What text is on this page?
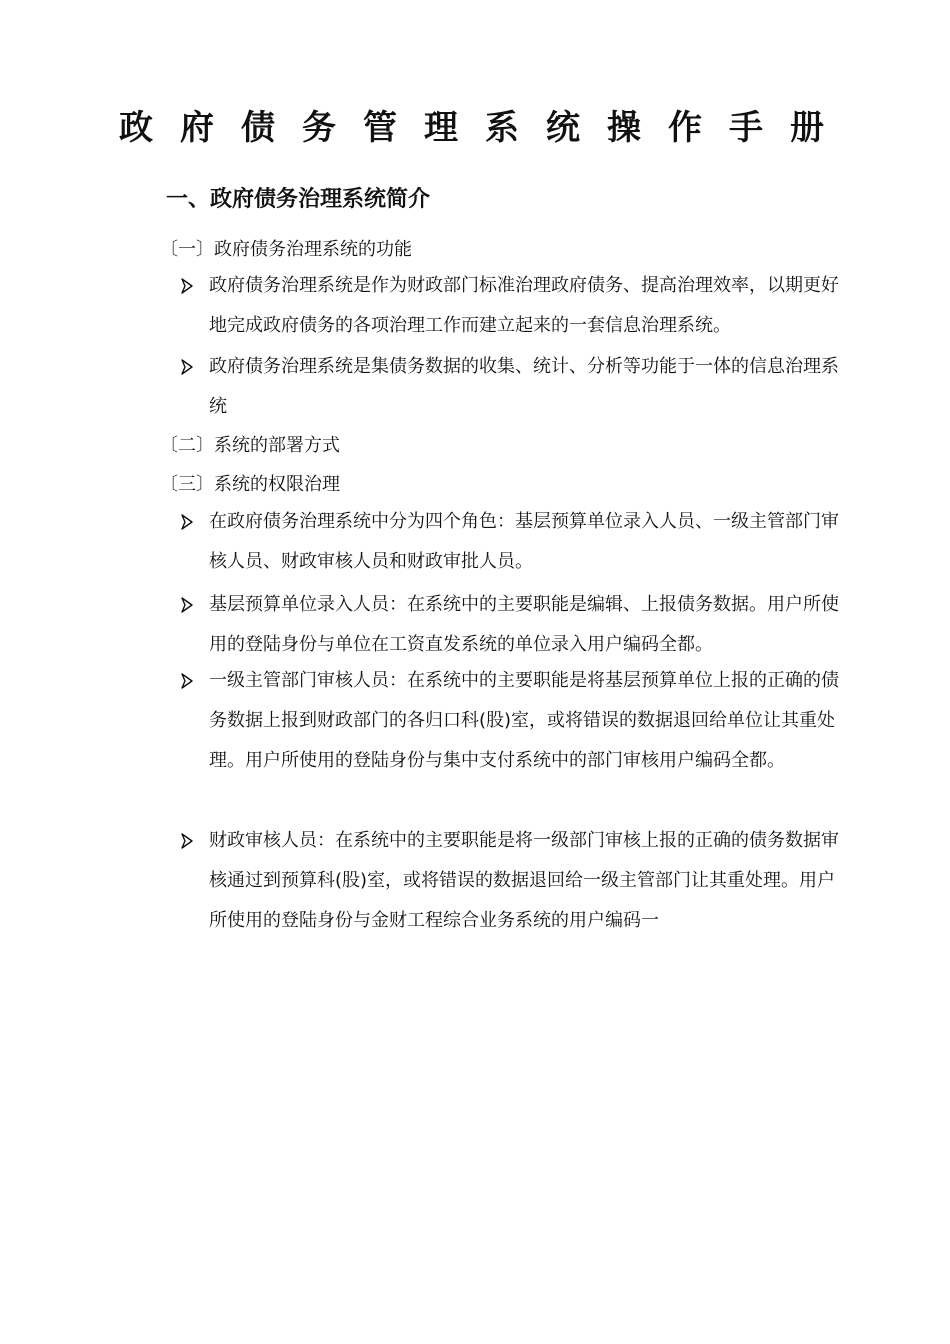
政府债务管理系统操作手册
一、政府债务治理系统简介
〔一〕政府债务治理系统的功能
政府债务治理系统是作为财政部门标准治理政府债务、提高治理效率，以期更好地完成政府债务的各项治理工作而建立起来的一套信息治理系统。
政府债务治理系统是集债务数据的收集、统计、分析等功能于一体的信息治理系统
〔二〕系统的部署方式
〔三〕系统的权限治理
在政府债务治理系统中分为四个角色：基层预算单位录入人员、一级主管部门审核人员、财政审核人员和财政审批人员。
基层预算单位录入人员：在系统中的主要职能是编辑、上报债务数据。用户所使用的登陆身份与单位在工资直发系统的单位录入用户编码全都。
一级主管部门审核人员：在系统中的主要职能是将基层预算单位上报的正确的债务数据上报到财政部门的各归口科(股)室，或将错误的数据退回给单位让其重处理。用户所使用的登陆身份与集中支付系统中的部门审核用户编码全都。
财政审核人员：在系统中的主要职能是将一级部门审核上报的正确的债务数据审核通过到预算科(股)室，或将错误的数据退回给一级主管部门让其重处理。用户所使用的登陆身份与金财工程综合业务系统的用户编码一
